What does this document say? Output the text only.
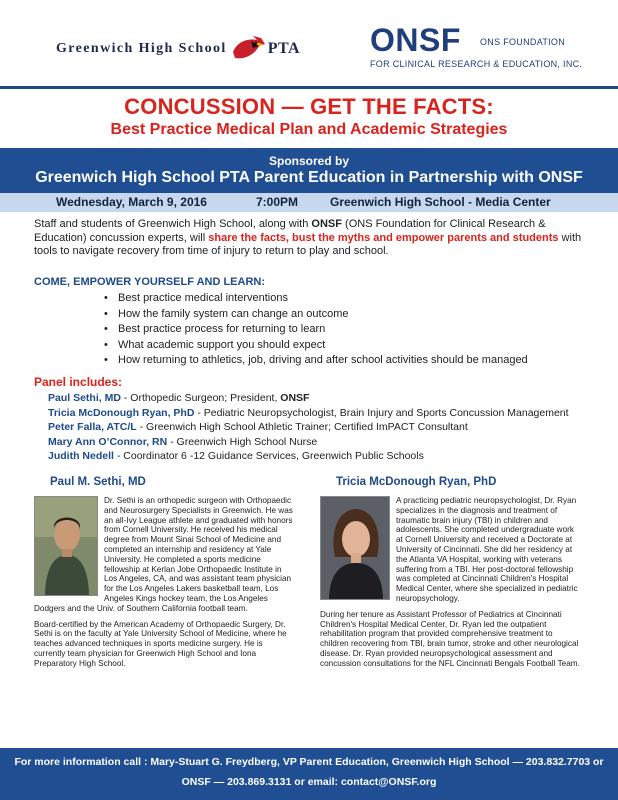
Greenwich High School	PTA ONSF ONS FOUNDATION
FOR CLINICAL RESEARCH & EDUCATION, INC.
CONCUSSION — GET THE FACTS:
Best Practice Medical Plan and Academic Strategies
Sponsored by
Greenwich High School PTA Parent Education in Partnership with ONSF
Wednesday, March 9, 2016	7:00PM	Greenwich High School - Media Center

Staff and students of Greenwich High School, along with ONSF (ONS Foundation for Clinical Research & Education) concussion experts, will share the facts, bust the myths and empower parents and students with tools to navigate recovery from time of injury to return to play and school.

COME, EMPOWER YOURSELF AND LEARN:
• Best practice medical interventions
• How the family system can change an outcome
• Best practice process for returning to learn
• What academic support you should expect
• How returning to athletics, job, driving and after school activities should be managed
Panel includes:
Paul Sethi, MD - Orthopedic Surgeon; President, ONSF
Tricia McDonough Ryan, PhD - Pediatric Neuropsychologist, Brain Injury and Sports Concussion Management
Peter Falla, ATC/L - Greenwich High School Athletic Trainer; Certified ImPACT Consultant
Mary Ann O’Connor, RN - Greenwich High School Nurse
Judith Nedell - Coordinator 6 -12 Guidance Services, Greenwich Public Schools
Paul M. Sethi, MD

Dr. Sethi is an orthopedic surgeon with Orthopaedic and Neurosurgery Specialists in Greenwich. He was an all-Ivy League athlete and graduated with honors from Cornell University. He received his medical degree from Mount Sinai School of Medicine and completed an internship and residency at Yale University. He completed a sports medicine fellowship at Kerlan Jobe Orthopaedic Institute in Los Angeles, CA, and was assistant team physician for the Los Angeles Lakers basketball team, Los Angeles Kings hockey team, the Los Angeles Dodgers and the Univ. of Southern California football team.

Board-certified by the American Academy of Orthopaedic Surgery, Dr. Sethi is on the faculty at Yale University School of Medicine, where he teaches advanced techniques in sports medicine surgery. He is currently team physician for Greenwich High School and Iona Preparatory High School.

Tricia McDonough Ryan, PhD

A practicing pediatric neuropsychologist, Dr. Ryan specializes in the diagnosis and treatment of traumatic brain injury (TBI) in children and adolescents. She completed undergraduate work at Cornell University and received a Doctorate at University of Cincinnati. She did her residency at the Atlanta VA Hospital, working with veterans suffering from a TBI. Her post-doctoral fellowship was completed at Cincinnati Children's Hospital Medical Center, where she specialized in pediatric neuropsychology.

During her tenure as Assistant Professor of Pediatrics at Cincinnati Children's Hospital Medical Center, Dr. Ryan led the outpatient rehabilitation program that provided comprehensive treatment to children recovering from TBI, brain tumor, stroke and other neurological disease. Dr. Ryan provided neuropsychological assessment and concussion consultations for the NFL Cincinnati Bengals Football Team.

For more information call : Mary-Stuart G. Freydberg, VP Parent Education, Greenwich High School — 203.832.7703 or
ONSF — 203.869.3131 or email: contact@ONSF.org
